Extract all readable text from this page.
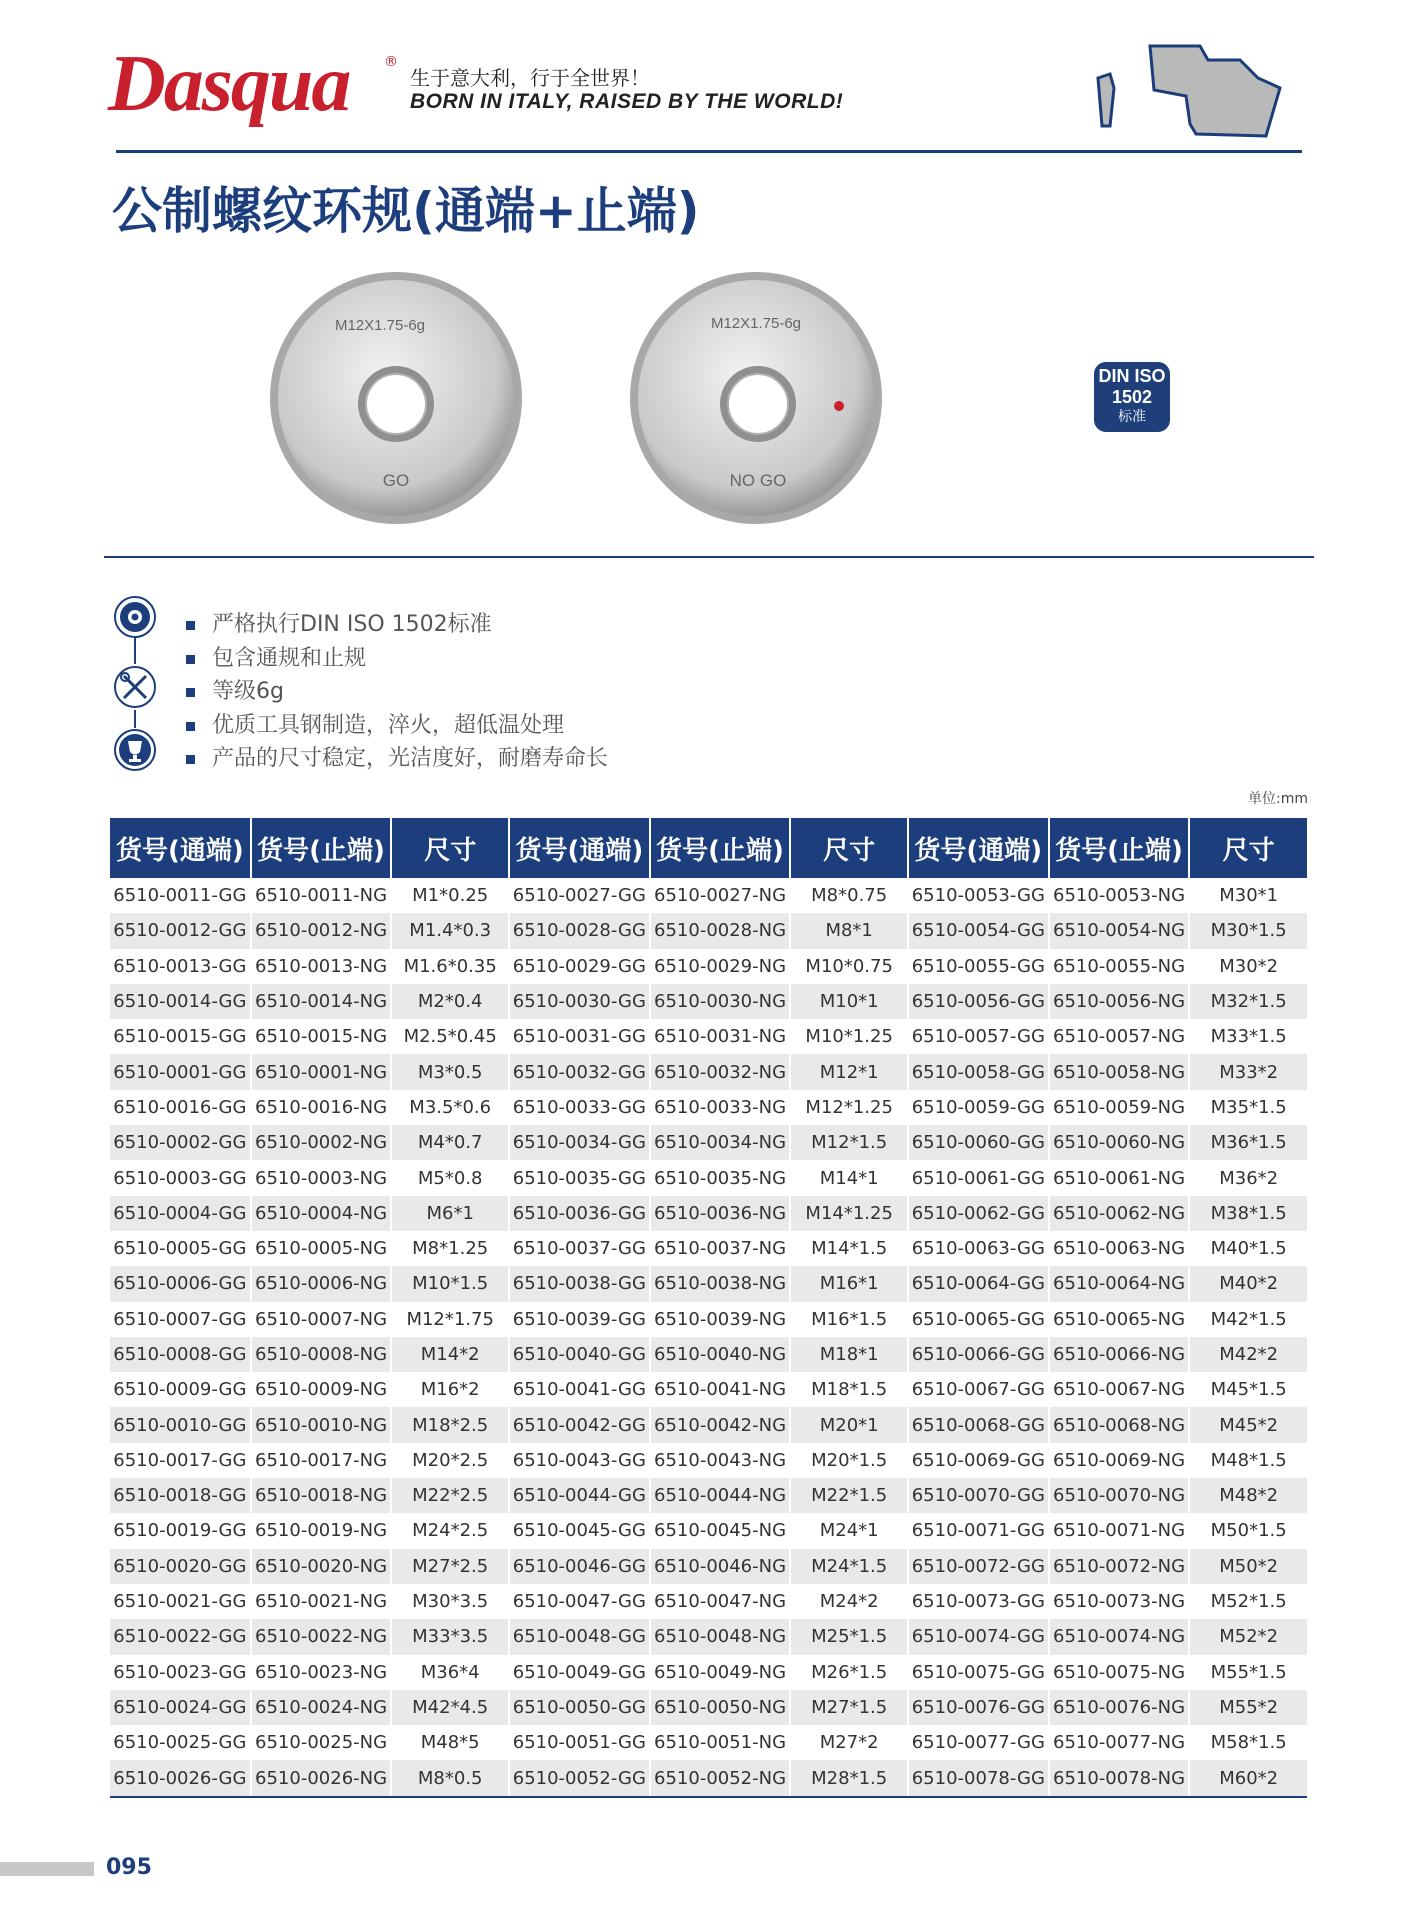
Dasqua ®
生于意大利，行于全世界！
BORN IN ITALY, RAISED BY THE WORLD!
公制螺纹环规(通端+止端)
M12X1.75-6g
GO
M12X1.75-6g
NO GO
DIN ISO
1502
标准
严格执行DIN ISO 1502标准
包含通规和止规
等级6g
优质工具钢制造，淬火，超低温处理
产品的尺寸稳定，光洁度好，耐磨寿命长
单位:mm
货号(通端)	货号(止端)	尺寸	货号(通端)	货号(止端)	尺寸	货号(通端)	货号(止端)	尺寸
6510-0011-GG	6510-0011-NG	M1*0.25	6510-0027-GG	6510-0027-NG	M8*0.75	6510-0053-GG	6510-0053-NG	M30*1
6510-0012-GG	6510-0012-NG	M1.4*0.3	6510-0028-GG	6510-0028-NG	M8*1	6510-0054-GG	6510-0054-NG	M30*1.5
6510-0013-GG	6510-0013-NG	M1.6*0.35	6510-0029-GG	6510-0029-NG	M10*0.75	6510-0055-GG	6510-0055-NG	M30*2
6510-0014-GG	6510-0014-NG	M2*0.4	6510-0030-GG	6510-0030-NG	M10*1	6510-0056-GG	6510-0056-NG	M32*1.5
6510-0015-GG	6510-0015-NG	M2.5*0.45	6510-0031-GG	6510-0031-NG	M10*1.25	6510-0057-GG	6510-0057-NG	M33*1.5
6510-0001-GG	6510-0001-NG	M3*0.5	6510-0032-GG	6510-0032-NG	M12*1	6510-0058-GG	6510-0058-NG	M33*2
6510-0016-GG	6510-0016-NG	M3.5*0.6	6510-0033-GG	6510-0033-NG	M12*1.25	6510-0059-GG	6510-0059-NG	M35*1.5
6510-0002-GG	6510-0002-NG	M4*0.7	6510-0034-GG	6510-0034-NG	M12*1.5	6510-0060-GG	6510-0060-NG	M36*1.5
6510-0003-GG	6510-0003-NG	M5*0.8	6510-0035-GG	6510-0035-NG	M14*1	6510-0061-GG	6510-0061-NG	M36*2
6510-0004-GG	6510-0004-NG	M6*1	6510-0036-GG	6510-0036-NG	M14*1.25	6510-0062-GG	6510-0062-NG	M38*1.5
6510-0005-GG	6510-0005-NG	M8*1.25	6510-0037-GG	6510-0037-NG	M14*1.5	6510-0063-GG	6510-0063-NG	M40*1.5
6510-0006-GG	6510-0006-NG	M10*1.5	6510-0038-GG	6510-0038-NG	M16*1	6510-0064-GG	6510-0064-NG	M40*2
6510-0007-GG	6510-0007-NG	M12*1.75	6510-0039-GG	6510-0039-NG	M16*1.5	6510-0065-GG	6510-0065-NG	M42*1.5
6510-0008-GG	6510-0008-NG	M14*2	6510-0040-GG	6510-0040-NG	M18*1	6510-0066-GG	6510-0066-NG	M42*2
6510-0009-GG	6510-0009-NG	M16*2	6510-0041-GG	6510-0041-NG	M18*1.5	6510-0067-GG	6510-0067-NG	M45*1.5
6510-0010-GG	6510-0010-NG	M18*2.5	6510-0042-GG	6510-0042-NG	M20*1	6510-0068-GG	6510-0068-NG	M45*2
6510-0017-GG	6510-0017-NG	M20*2.5	6510-0043-GG	6510-0043-NG	M20*1.5	6510-0069-GG	6510-0069-NG	M48*1.5
6510-0018-GG	6510-0018-NG	M22*2.5	6510-0044-GG	6510-0044-NG	M22*1.5	6510-0070-GG	6510-0070-NG	M48*2
6510-0019-GG	6510-0019-NG	M24*2.5	6510-0045-GG	6510-0045-NG	M24*1	6510-0071-GG	6510-0071-NG	M50*1.5
6510-0020-GG	6510-0020-NG	M27*2.5	6510-0046-GG	6510-0046-NG	M24*1.5	6510-0072-GG	6510-0072-NG	M50*2
6510-0021-GG	6510-0021-NG	M30*3.5	6510-0047-GG	6510-0047-NG	M24*2	6510-0073-GG	6510-0073-NG	M52*1.5
6510-0022-GG	6510-0022-NG	M33*3.5	6510-0048-GG	6510-0048-NG	M25*1.5	6510-0074-GG	6510-0074-NG	M52*2
6510-0023-GG	6510-0023-NG	M36*4	6510-0049-GG	6510-0049-NG	M26*1.5	6510-0075-GG	6510-0075-NG	M55*1.5
6510-0024-GG	6510-0024-NG	M42*4.5	6510-0050-GG	6510-0050-NG	M27*1.5	6510-0076-GG	6510-0076-NG	M55*2
6510-0025-GG	6510-0025-NG	M48*5	6510-0051-GG	6510-0051-NG	M27*2	6510-0077-GG	6510-0077-NG	M58*1.5
6510-0026-GG	6510-0026-NG	M8*0.5	6510-0052-GG	6510-0052-NG	M28*1.5	6510-0078-GG	6510-0078-NG	M60*2
095
